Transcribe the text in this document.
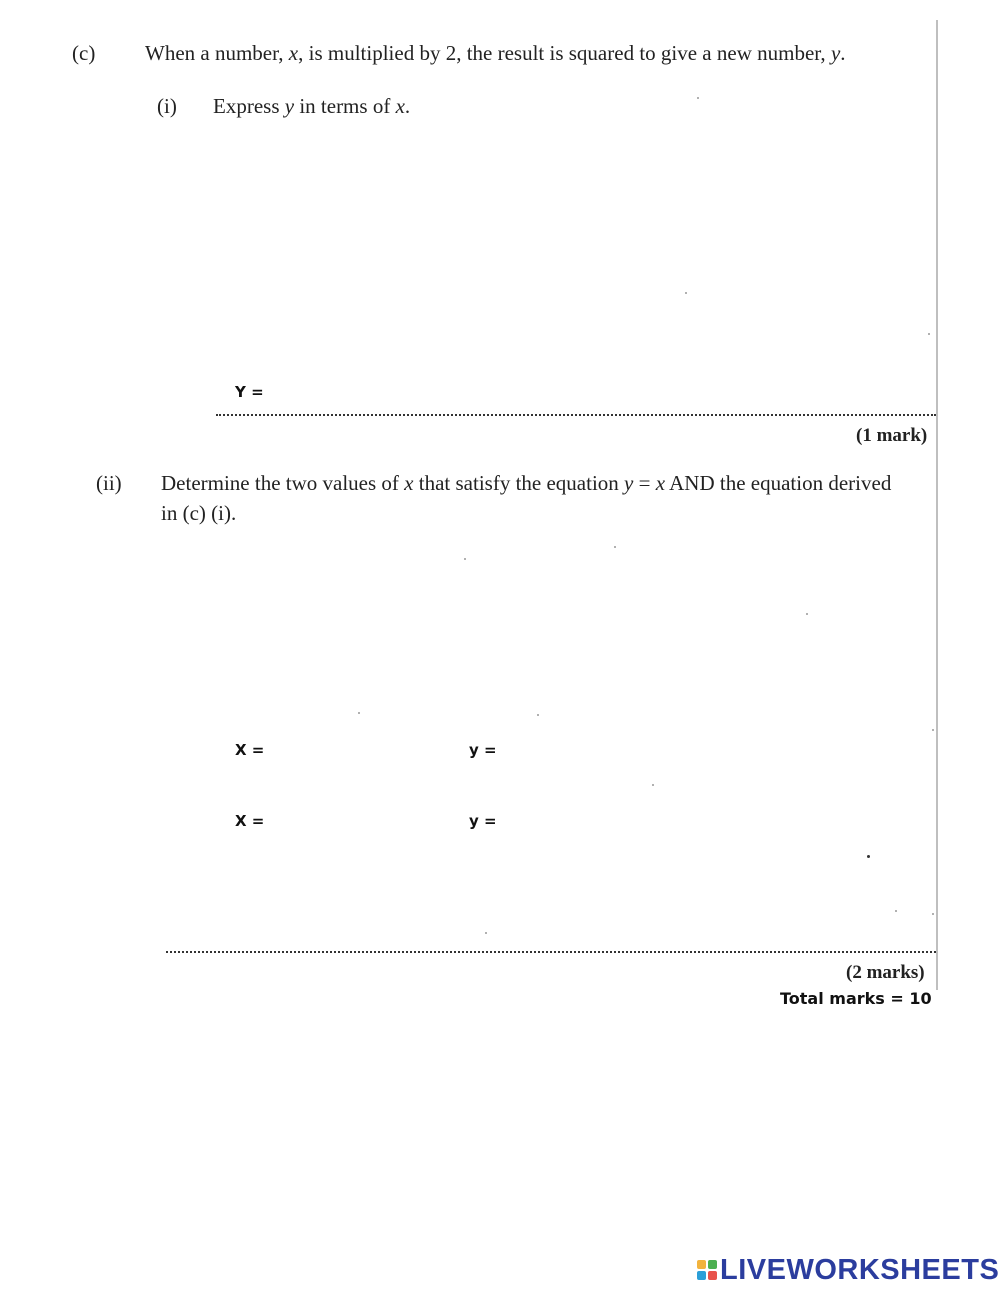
(c) When a number, x, is multiplied by 2, the result is squared to give a new number, y.
(i) Express y in terms of x.
Y =
(1 mark)
(ii) Determine the two values of x that satisfy the equation y = x AND the equation derived
in (c) (i).
X =	y =
X =	y =
(2 marks)
Total marks = 10
LIVEWORKSHEETS
